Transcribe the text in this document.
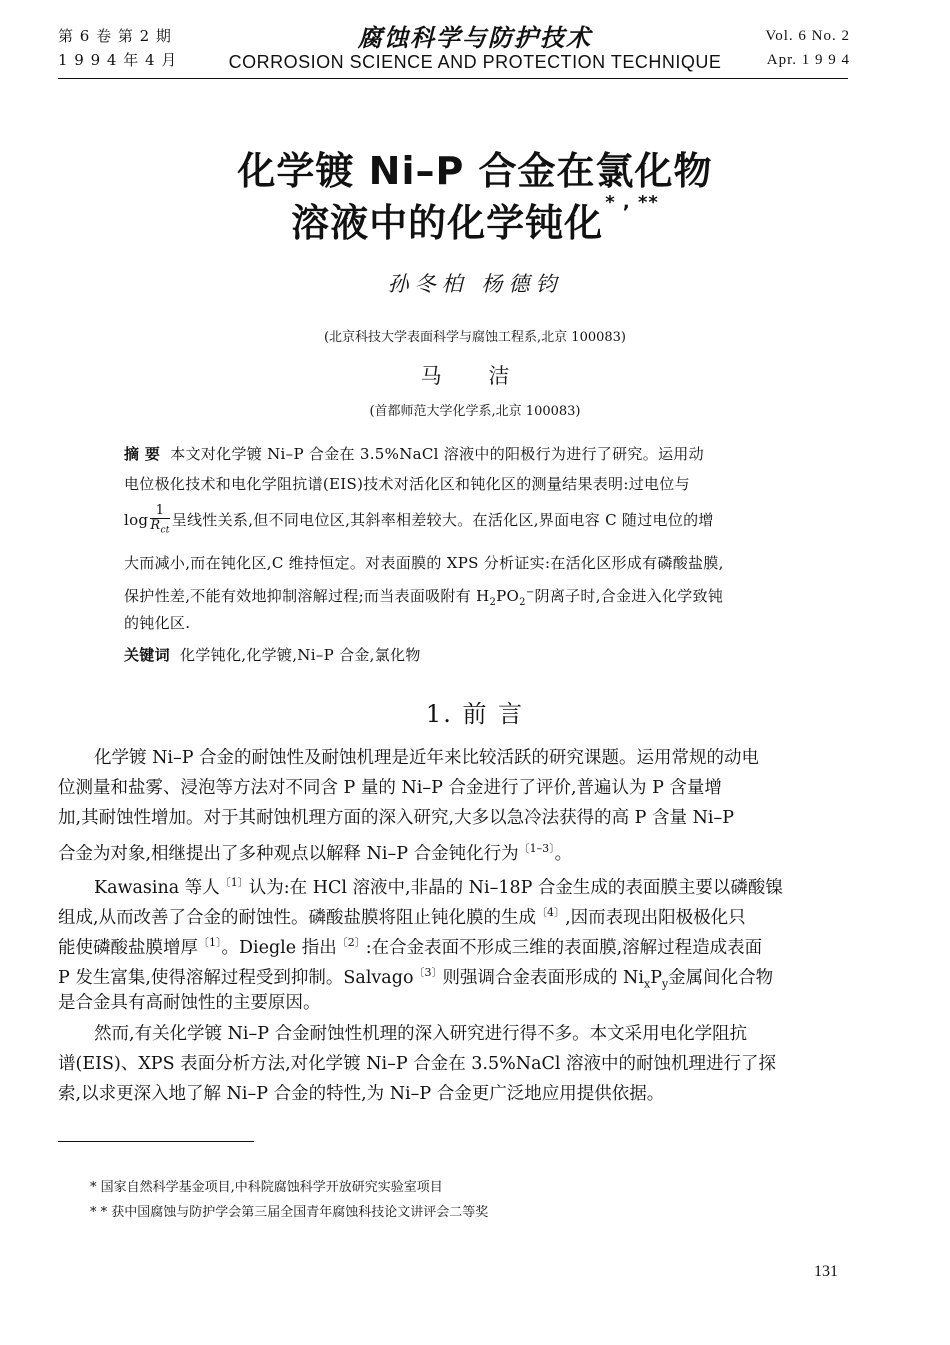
第 6 卷 第 2 期
1 9 9 4 年 4 月
腐蚀科学与防护技术
CORROSION SCIENCE AND PROTECTION TECHNIQUE
Vol. 6 No. 2
Apr. 1 9 9 4
化学镀 Ni–P 合金在氯化物
溶液中的化学钝化 * , **
孙冬柏 杨德钧
(北京科技大学表面科学与腐蚀工程系,北京 100083)
马 洁
(首都师范大学化学系,北京 100083)
摘 要 本文对化学镀 Ni–P 合金在 3.5%NaCl 溶液中的阳极行为进行了研究。运用动
电位极化技术和电化学阻抗谱(EIS)技术对活化区和钝化区的测量结果表明:过电位与
$\log \frac{1}{R_{ct}}$ 呈线性关系,但不同电位区,其斜率相差较大。在活化区,界面电容 C 随过电位的增
大而减小,而在钝化区,C 维持恒定。对表面膜的 XPS 分析证实:在活化区形成有磷酸盐膜,
保护性差,不能有效地抑制溶解过程;而当表面吸附有 $H_2PO_2^-$阴离子时,合金进入化学致钝
的钝化区.
关键词 化学钝化,化学镀,Ni–P 合金,氯化物
1. 前 言
化学镀 Ni–P 合金的耐蚀性及耐蚀机理是近年来比较活跃的研究课题。运用常规的动电
位测量和盐雾、浸泡等方法对不同含 P 量的 Ni–P 合金进行了评价,普遍认为 P 含量增
加,其耐蚀性增加。对于其耐蚀机理方面的深入研究,大多以急冷法获得的高 P 含量 Ni–P
合金为对象,相继提出了多种观点以解释 Ni–P 合金钝化行为$^{〔1-3〕}$。
Kawasina 等人$^{〔1〕}$认为:在 HCl 溶液中,非晶的 Ni–18P 合金生成的表面膜主要以磷酸镍
组成,从而改善了合金的耐蚀性。磷酸盐膜将阻止钝化膜的生成$^{〔4〕}$,因而表现出阳极极化只
能使磷酸盐膜增厚$^{〔1〕}$。Diegle 指出$^{〔2〕}$:在合金表面不形成三维的表面膜,溶解过程造成表面
P 发生富集,使得溶解过程受到抑制。Salvago$^{〔3〕}$则强调合金表面形成的 $Ni_xP_y$金属间化合物
是合金具有高耐蚀性的主要原因。
然而,有关化学镀 Ni–P 合金耐蚀性机理的深入研究进行得不多。本文采用电化学阻抗
谱(EIS)、XPS 表面分析方法,对化学镀 Ni–P 合金在 3.5%NaCl 溶液中的耐蚀机理进行了探
索,以求更深入地了解 Ni–P 合金的特性,为 Ni–P 合金更广泛地应用提供依据。
* 国家自然科学基金项目,中科院腐蚀科学开放研究实验室项目
* * 获中国腐蚀与防护学会第三届全国青年腐蚀科技论文讲评会二等奖
131
